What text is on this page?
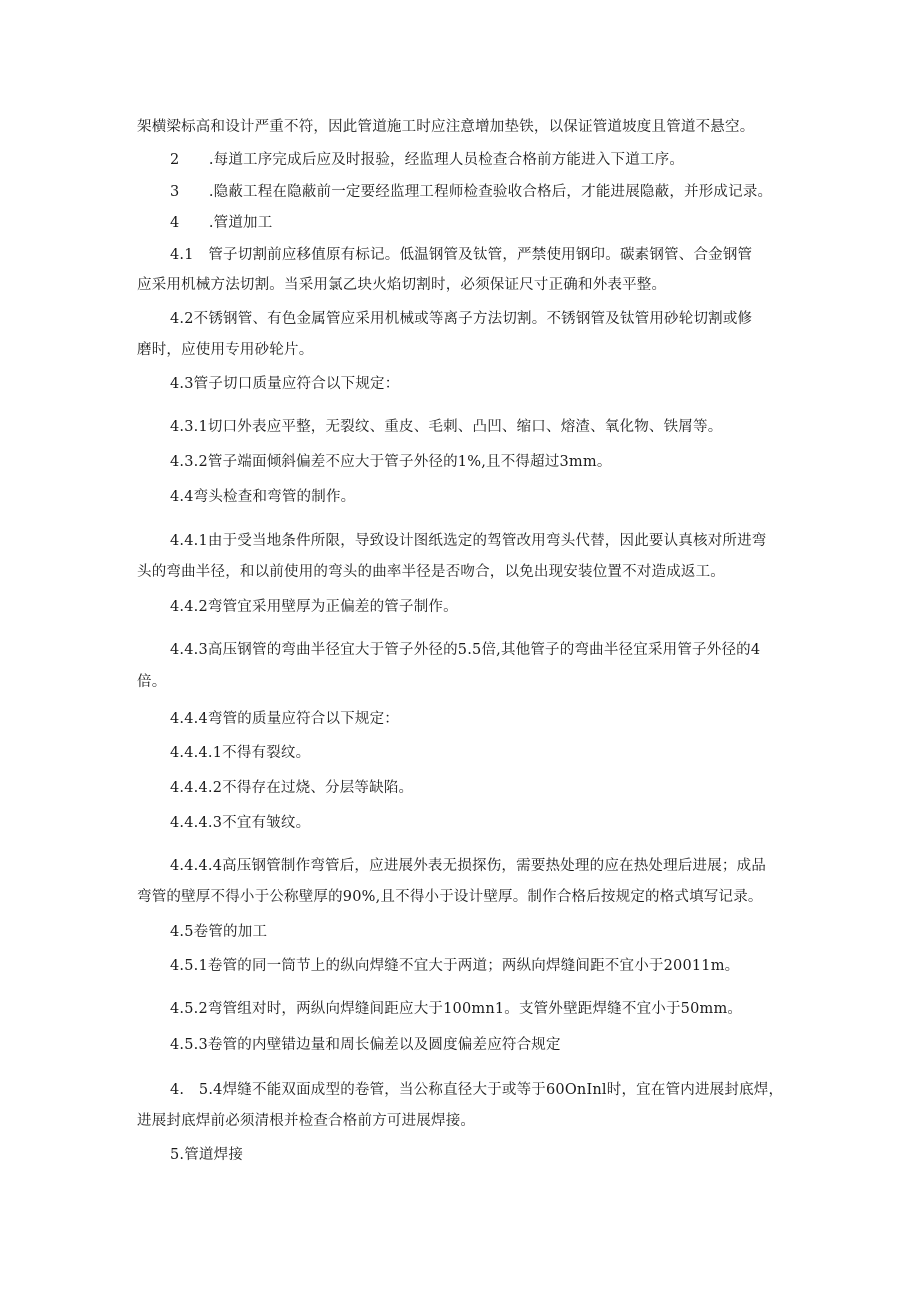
架横梁标高和设计严重不符，因此管道施工时应注意增加垫铁，以保证管道坡度且管道不悬空。
2　　.每道工序完成后应及时报验，经监理人员检查合格前方能进入下道工序。
3　　.隐蔽工程在隐蔽前一定要经监理工程师检查验收合格后，才能进展隐蔽，并形成记录。
4　　.管道加工
4.1　管子切割前应移值原有标记。低温钢管及钛管，严禁使用钢印。碳素钢管、合金钢管
应采用机械方法切割。当采用氯乙块火焰切割时，必须保证尺寸正确和外表平整。
4.2不锈钢管、有色金属管应采用机械或等离子方法切割。不锈钢管及钛管用砂轮切割或修
磨时，应使用专用砂轮片。
4.3管子切口质量应符合以下规定：
4.3.1切口外表应平整，无裂纹、重皮、毛刺、凸凹、缩口、熔渣、氧化物、铁屑等。
4.3.2管子端面倾斜偏差不应大于管子外径的1%,且不得超过3mm。
4.4弯头检查和弯管的制作。
4.4.1由于受当地条件所限，导致设计图纸选定的驾管改用弯头代替，因此要认真核对所进弯
头的弯曲半径，和以前使用的弯头的曲率半径是否吻合，以免出现安装位置不对造成返工。
4.4.2弯管宜采用壁厚为正偏差的管子制作。
4.4.3高压钢管的弯曲半径宜大于管子外径的5.5倍,其他管子的弯曲半径宜采用管子外径的4
倍。
4.4.4弯管的质量应符合以下规定：
4.4.4.1不得有裂纹。
4.4.4.2不得存在过烧、分层等缺陷。
4.4.4.3不宜有皱纹。
4.4.4.4高压钢管制作弯管后，应进展外表无损探伤，需要热处理的应在热处理后进展；成品
弯管的壁厚不得小于公称壁厚的90%,且不得小于设计壁厚。制作合格后按规定的格式填写记录。
4.5卷管的加工
4.5.1卷管的同一筒节上的纵向焊缝不宜大于两道；两纵向焊缝间距不宜小于20011m。
4.5.2弯管组对时，两纵向焊缝间距应大于100mn1。支管外壁距焊缝不宜小于50mm。
4.5.3卷管的内壁错边量和周长偏差以及圆度偏差应符合规定
4.　5.4焊缝不能双面成型的卷管，当公称直径大于或等于60OnInl时，宜在管内进展封底焊，
进展封底焊前必须清根并检查合格前方可进展焊接。
5.管道焊接
